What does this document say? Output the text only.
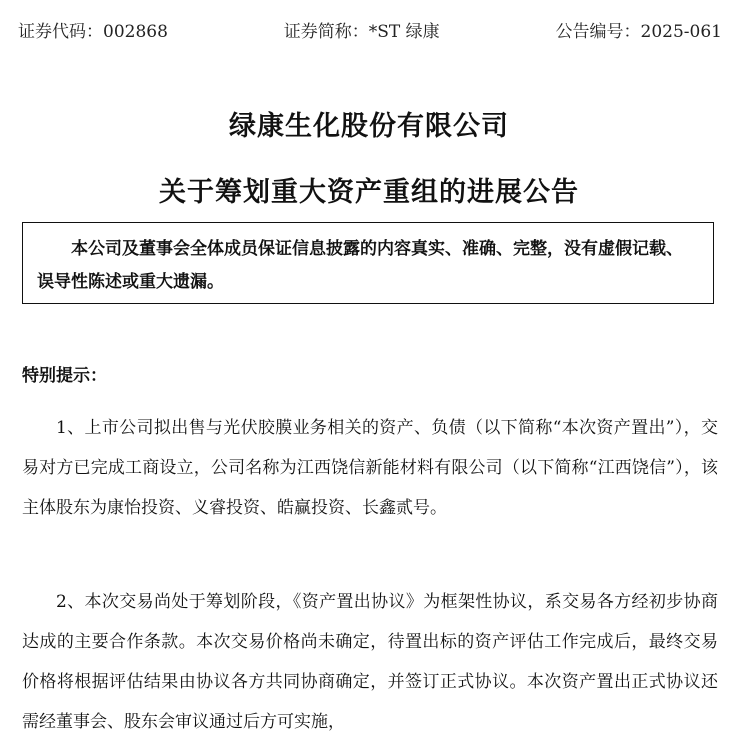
证券代码：002868	证券简称：*ST 绿康	公告编号：2025-061
绿康生化股份有限公司
关于筹划重大资产重组的进展公告
本公司及董事会全体成员保证信息披露的内容真实、准确、完整，没有虚假记载、误导性陈述或重大遗漏。
特别提示：
1、上市公司拟出售与光伏胶膜业务相关的资产、负债（以下简称“本次资产置出”），交易对方已完成工商设立，公司名称为江西饶信新能材料有限公司（以下简称“江西饶信”），该主体股东为康怡投资、义睿投资、皓赢投资、长鑫贰号。
2、本次交易尚处于筹划阶段，《资产置出协议》为框架性协议，系交易各方经初步协商达成的主要合作条款。本次交易价格尚未确定，待置出标的资产评估工作完成后，最终交易价格将根据评估结果由协议各方共同协商确定，并签订正式协议。本次资产置出正式协议还需经董事会、股东会审议通过后方可实施，
